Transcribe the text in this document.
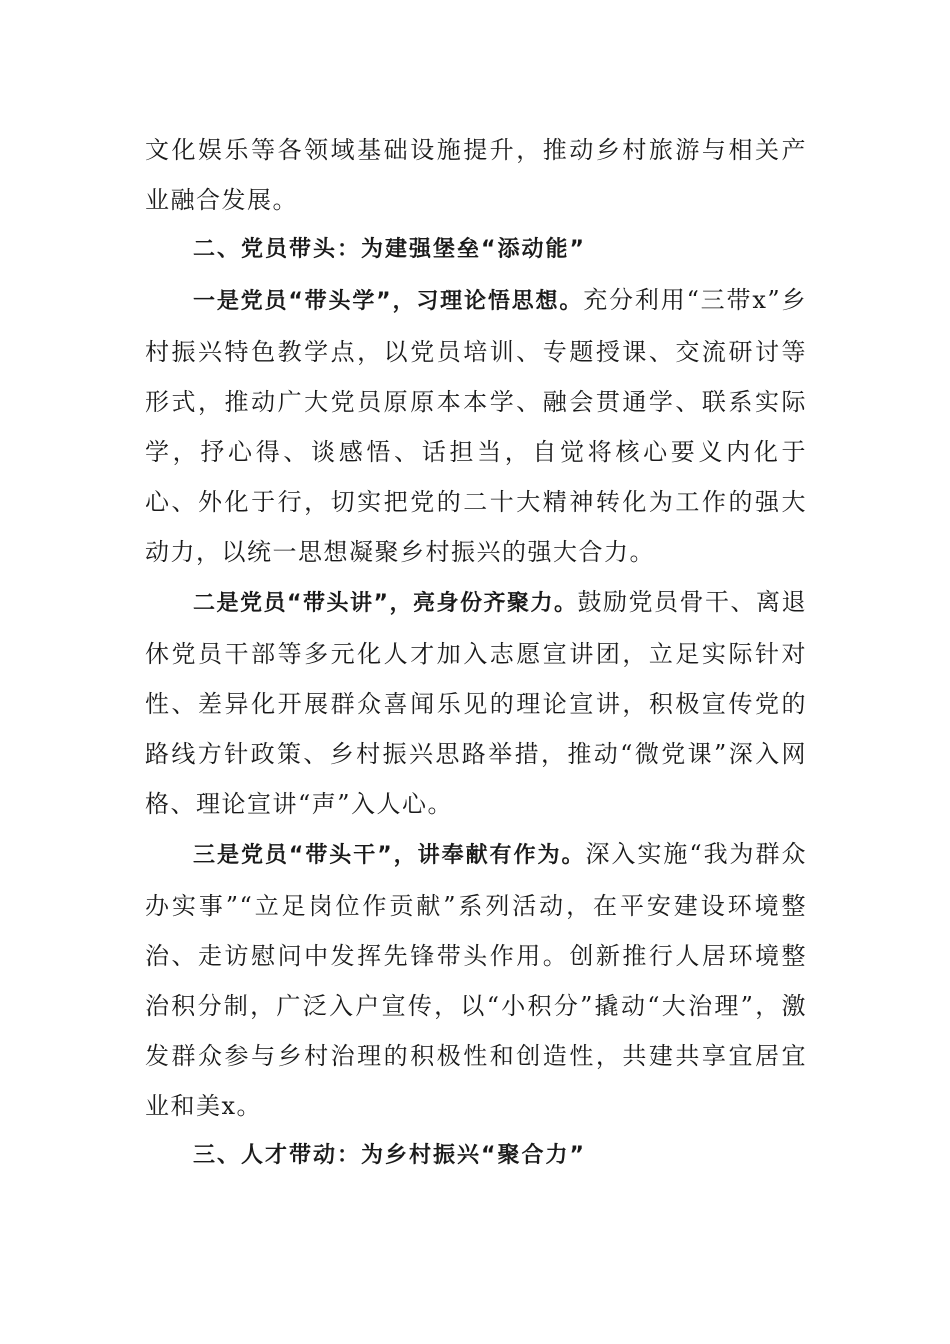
文化娱乐等各领域基础设施提升，推动乡村旅游与相关产业融合发展。

二、党员带头：为建强堡垒“添动能”

一是党员“带头学”，习理论悟思想。充分利用“三带x”乡村振兴特色教学点，以党员培训、专题授课、交流研讨等形式，推动广大党员原原本本学、融会贯通学、联系实际学，抒心得、谈感悟、话担当，自觉将核心要义内化于心、外化于行，切实把党的二十大精神转化为工作的强大动力，以统一思想凝聚乡村振兴的强大合力。

二是党员“带头讲”，亮身份齐聚力。鼓励党员骨干、离退休党员干部等多元化人才加入志愿宣讲团，立足实际针对性、差异化开展群众喜闻乐见的理论宣讲，积极宣传党的路线方针政策、乡村振兴思路举措，推动“微党课”深入网格、理论宣讲“声”入人心。

三是党员“带头干”，讲奉献有作为。深入实施“我为群众办实事”“立足岗位作贡献”系列活动，在平安建设环境整治、走访慰问中发挥先锋带头作用。创新推行人居环境整治积分制，广泛入户宣传，以“小积分”撬动“大治理”，激发群众参与乡村治理的积极性和创造性，共建共享宜居宜业和美x。

三、人才带动：为乡村振兴“聚合力”
